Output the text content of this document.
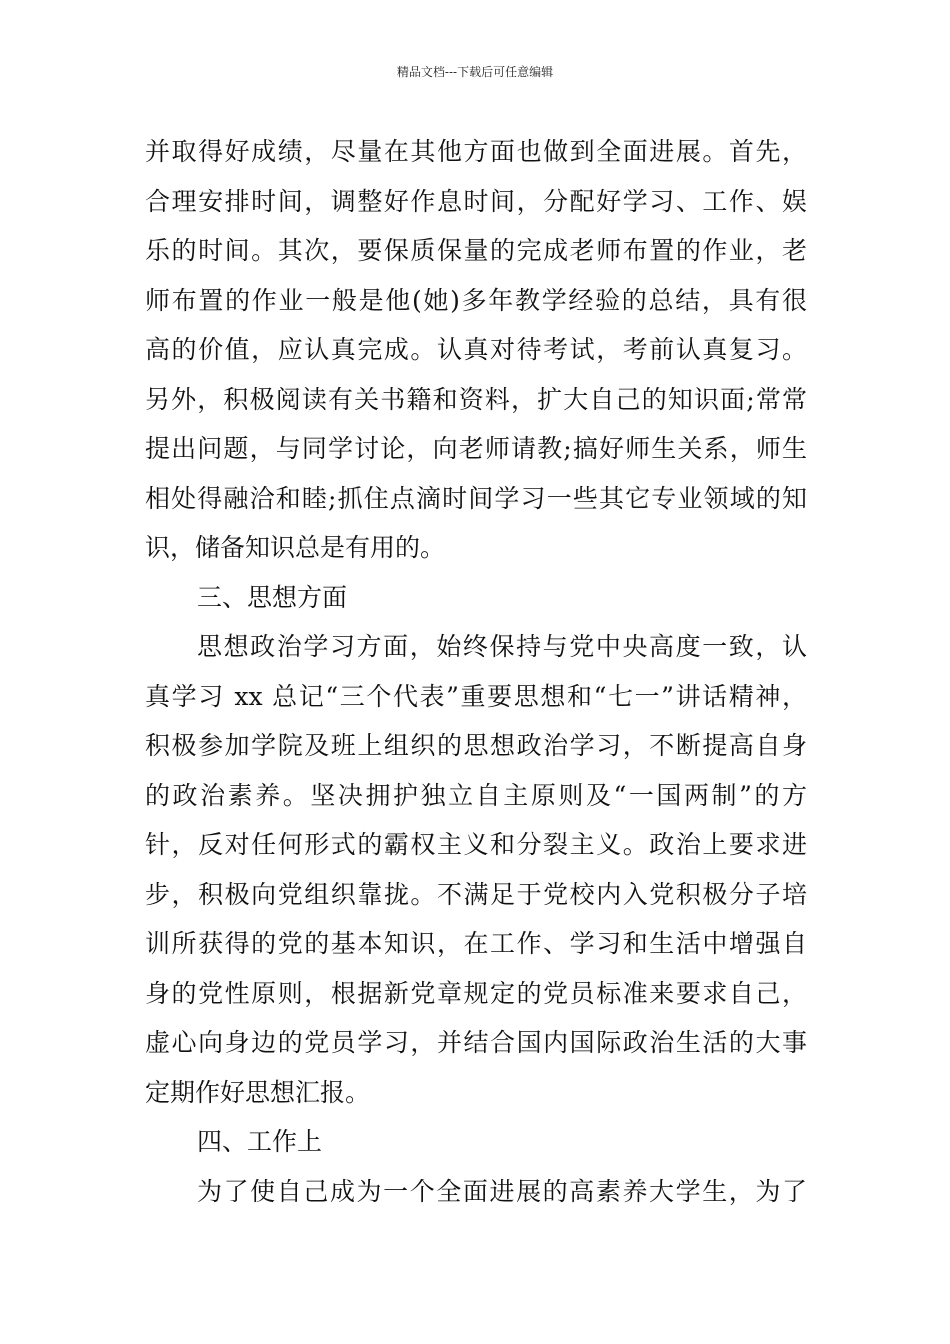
精品文档---下载后可任意编辑
并取得好成绩，尽量在其他方面也做到全面进展。首先，
合理安排时间，调整好作息时间，分配好学习、工作、娱
乐的时间。其次，要保质保量的完成老师布置的作业，老
师布置的作业一般是他(她)多年教学经验的总结，具有很
高的价值，应认真完成。认真对待考试，考前认真复习。
另外，积极阅读有关书籍和资料，扩大自己的知识面;常常
提出问题，与同学讨论，向老师请教;搞好师生关系，师生
相处得融洽和睦;抓住点滴时间学习一些其它专业领域的知
识，储备知识总是有用的。
三、思想方面
思想政治学习方面，始终保持与党中央高度一致，认
真学习 xx 总记“三个代表”重要思想和“七一”讲话精神，
积极参加学院及班上组织的思想政治学习，不断提高自身
的政治素养。坚决拥护独立自主原则及“一国两制”的方
针，反对任何形式的霸权主义和分裂主义。政治上要求进
步，积极向党组织靠拢。不满足于党校内入党积极分子培
训所获得的党的基本知识，在工作、学习和生活中增强自
身的党性原则，根据新党章规定的党员标准来要求自己，
虚心向身边的党员学习，并结合国内国际政治生活的大事
定期作好思想汇报。
四、工作上
为了使自己成为一个全面进展的高素养大学生，为了
